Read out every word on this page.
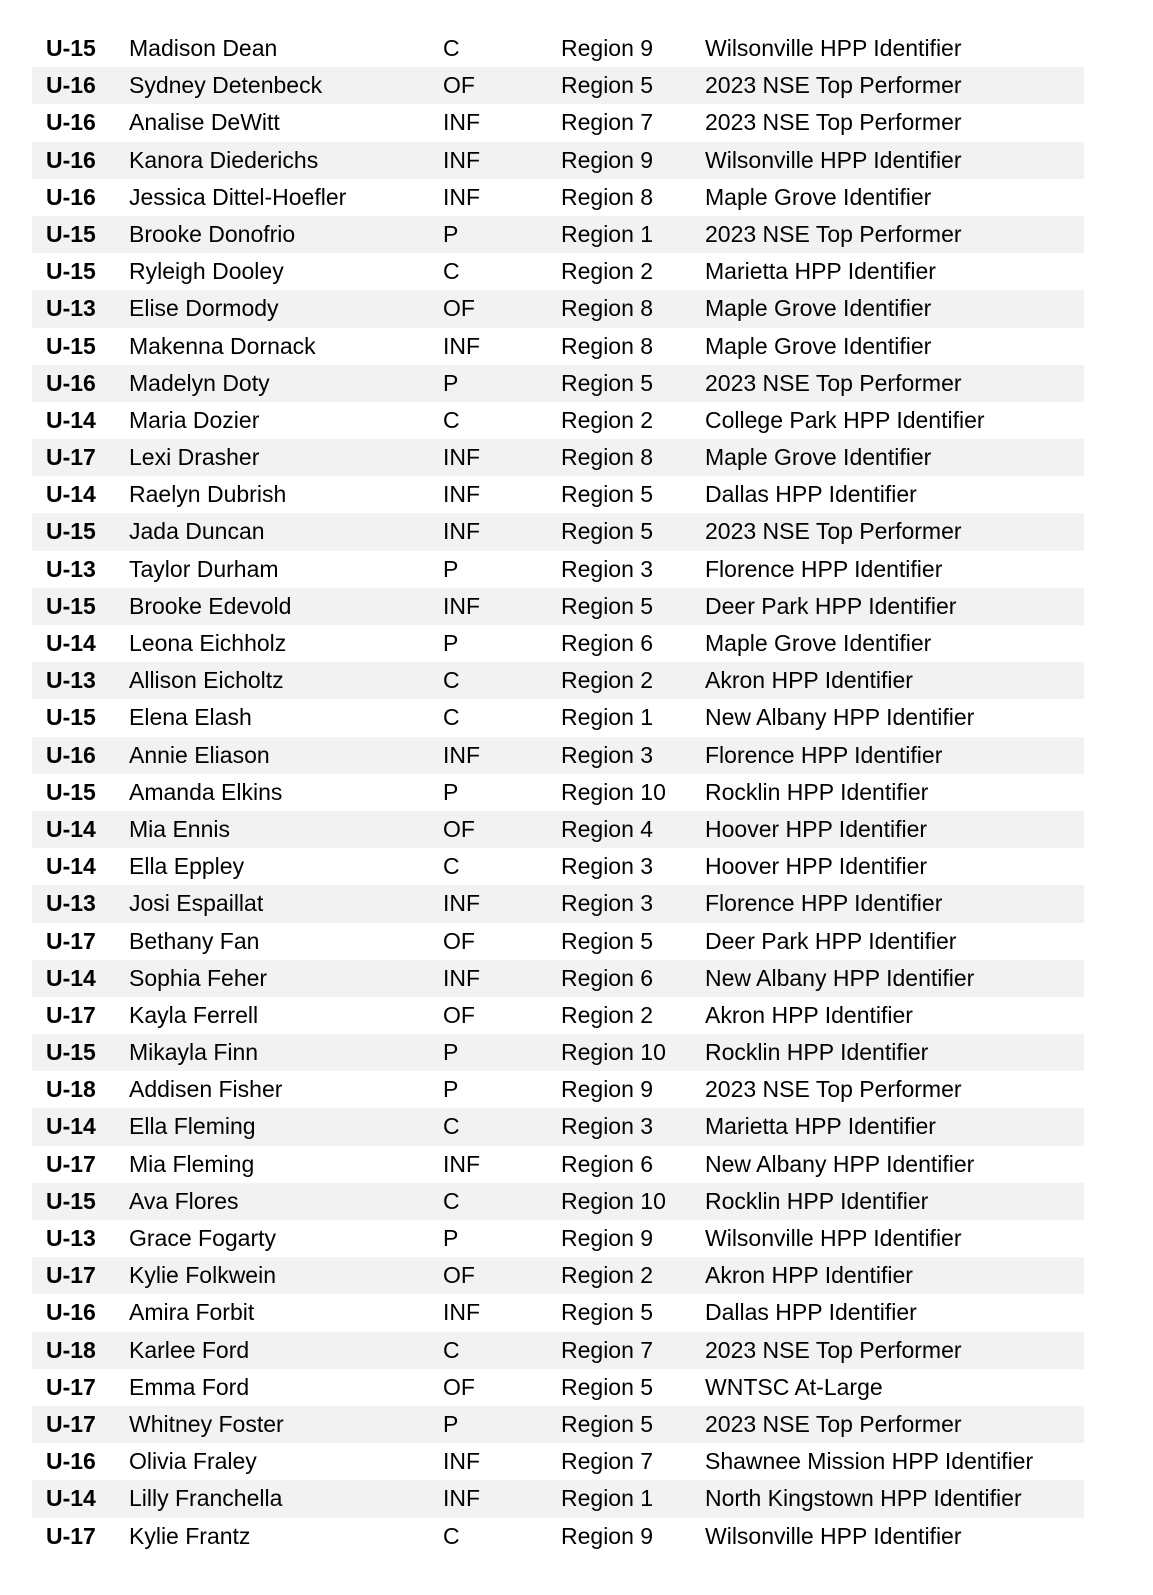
U-15 Madison Dean	C	Region 9 Wilsonville HPP Identifier
U-16 Sydney Detenbeck	OF	Region 5 2023 NSE Top Performer
U-16 Analise DeWitt	INF	Region 7 2023 NSE Top Performer
U-16 Kanora Diederichs	INF	Region 9 Wilsonville HPP Identifier
U-16 Jessica Dittel-Hoefler	INF	Region 8 Maple Grove Identifier
U-15 Brooke Donofrio	P	Region 1 2023 NSE Top Performer
U-15 Ryleigh Dooley	C	Region 2 Marietta HPP Identifier
U-13 Elise Dormody	OF	Region 8 Maple Grove Identifier
U-15 Makenna Dornack	INF	Region 8 Maple Grove Identifier
U-16 Madelyn Doty	P	Region 5 2023 NSE Top Performer
U-14 Maria Dozier	C	Region 2 College Park HPP Identifier
U-17 Lexi Drasher	INF	Region 8 Maple Grove Identifier
U-14 Raelyn Dubrish	INF	Region 5 Dallas HPP Identifier
U-15 Jada Duncan	INF	Region 5 2023 NSE Top Performer
U-13 Taylor Durham	P	Region 3 Florence HPP Identifier
U-15 Brooke Edevold	INF	Region 5 Deer Park HPP Identifier
U-14 Leona Eichholz	P	Region 6 Maple Grove Identifier
U-13 Allison Eicholtz	C	Region 2 Akron HPP Identifier
U-15 Elena Elash	C	Region 1 New Albany HPP Identifier
U-16 Annie Eliason	INF	Region 3 Florence HPP Identifier
U-15 Amanda Elkins	P	Region 10 Rocklin HPP Identifier
U-14 Mia Ennis	OF	Region 4 Hoover HPP Identifier
U-14 Ella Eppley	C	Region 3 Hoover HPP Identifier
U-13 Josi Espaillat	INF	Region 3 Florence HPP Identifier
U-17 Bethany Fan	OF	Region 5 Deer Park HPP Identifier
U-14 Sophia Feher	INF	Region 6 New Albany HPP Identifier
U-17 Kayla Ferrell	OF	Region 2 Akron HPP Identifier
U-15 Mikayla Finn	P	Region 10 Rocklin HPP Identifier
U-18 Addisen Fisher	P	Region 9 2023 NSE Top Performer
U-14 Ella Fleming	C	Region 3 Marietta HPP Identifier
U-17 Mia Fleming	INF	Region 6 New Albany HPP Identifier
U-15 Ava Flores	C	Region 10 Rocklin HPP Identifier
U-13 Grace Fogarty	P	Region 9 Wilsonville HPP Identifier
U-17 Kylie Folkwein	OF	Region 2 Akron HPP Identifier
U-16 Amira Forbit	INF	Region 5 Dallas HPP Identifier
U-18 Karlee Ford	C	Region 7 2023 NSE Top Performer
U-17 Emma Ford	OF	Region 5 WNTSC At-Large
U-17 Whitney Foster	P	Region 5 2023 NSE Top Performer
U-16 Olivia Fraley	INF	Region 7 Shawnee Mission HPP Identifier
U-14 Lilly Franchella	INF	Region 1 North Kingstown HPP Identifier
U-17 Kylie Frantz	C	Region 9 Wilsonville HPP Identifier
